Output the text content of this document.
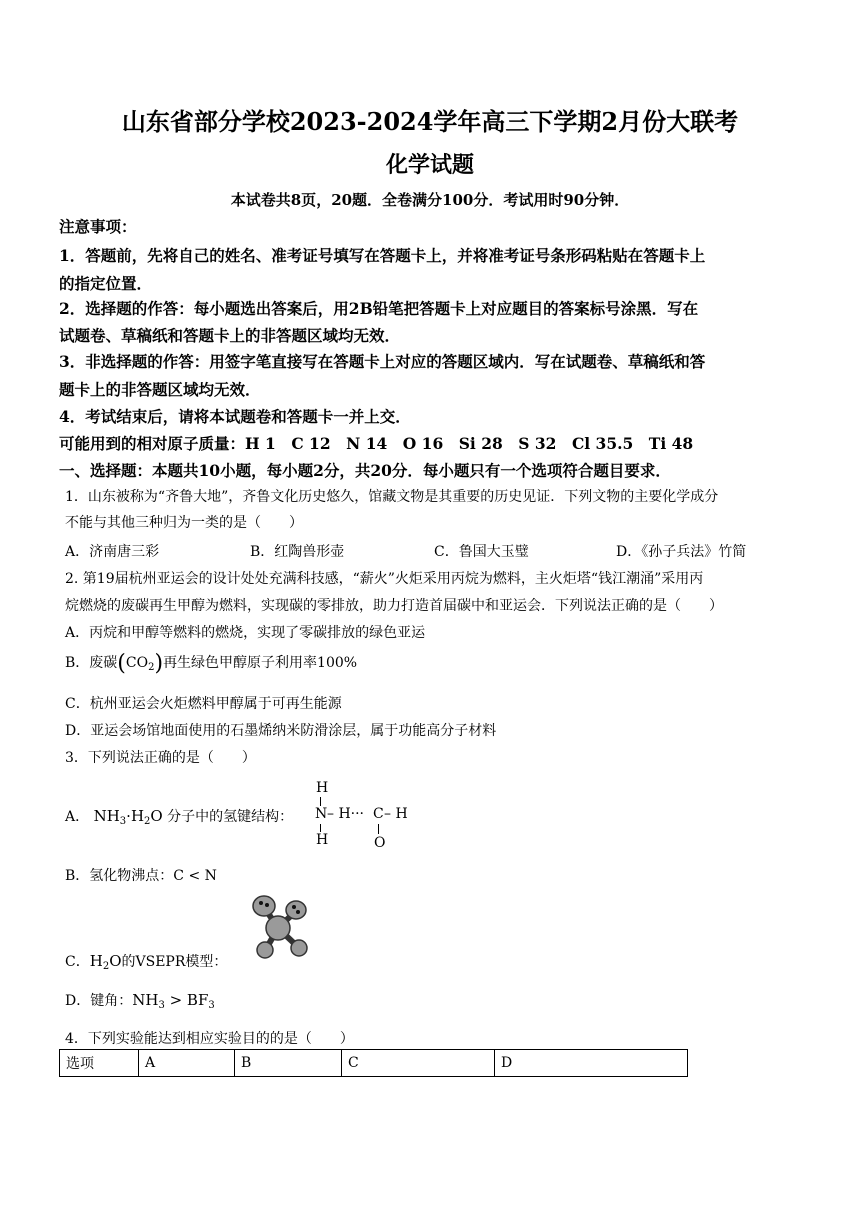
山东省部分学校2023-2024学年高三下学期2月份大联考
化学试题
本试卷共8页，20题．全卷满分100分．考试用时90分钟．
注意事项：
1．答题前，先将自己的姓名、准考证号填写在答题卡上，并将准考证号条形码粘贴在答题卡上
的指定位置．
2．选择题的作答：每小题选出答案后，用2B铅笔把答题卡上对应题目的答案标号涂黑．写在
试题卷、草稿纸和答题卡上的非答题区域均无效．
3．非选择题的作答：用签字笔直接写在答题卡上对应的答题区域内．写在试题卷、草稿纸和答
题卡上的非答题区域均无效．
4．考试结束后，请将本试题卷和答题卡一并上交．
可能用到的相对原子质量：H 1　C 12　N 14　O 16　Si 28　S 32　Cl 35.5　Ti 48
一、选择题：本题共10小题，每小题2分，共20分．每小题只有一个选项符合题目要求．
1．山东被称为“齐鲁大地”，齐鲁文化历史悠久，馆藏文物是其重要的历史见证．下列文物的主要化学成分
不能与其他三种归为一类的是（　　）
A．济南唐三彩	B．红陶兽形壶	C．鲁国大玉璧	D．《孙子兵法》竹简
2. 第19届杭州亚运会的设计处处充满科技感，“薪火”火炬采用丙烷为燃料，主火炬塔“钱江潮涌”采用丙
烷燃烧的废碳再生甲醇为燃料，实现碳的零排放，助力打造首届碳中和亚运会．下列说法正确的是（　　）
A．丙烷和甲醇等燃料的燃烧，实现了零碳排放的绿色亚运
B．废碳$(CO_2)$再生绿色甲醇原子利用率100%
C．杭州亚运会火炬燃料甲醇属于可再生能源
D．亚运会场馆地面使用的石墨烯纳米防滑涂层，属于功能高分子材料
3．下列说法正确的是（　　）
A． $NH_3\cdot H_2O$ 分子中的氢键结构：
H
N – H··· C – H
H	O
B．氢化物沸点：C < N
C．$H_2O$的VSEPR模型：
D．键角：$NH_3 > BF_3$
4．下列实验能达到相应实验目的的是（　　）
选项	A	B	C	D
